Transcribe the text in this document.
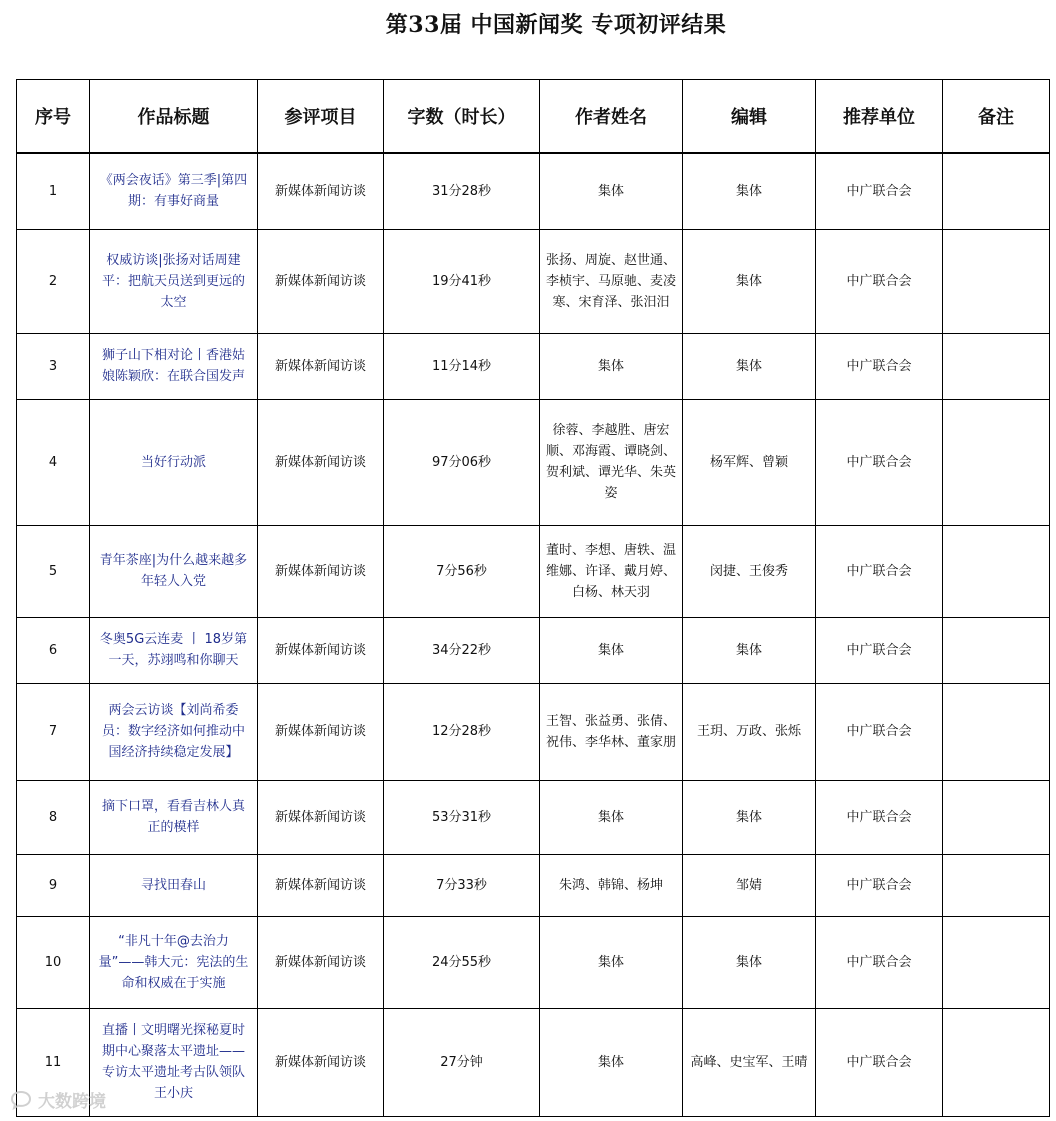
第33届 中国新闻奖 专项初评结果
序号	作品标题	参评项目	字数（时长）	作者姓名	编辑	推荐单位	备注
1	《两会夜话》第三季|第四期：有事好商量	新媒体新闻访谈	31分28秒	集体	集体	中广联合会	
2	权威访谈|张扬对话周建平：把航天员送到更远的太空	新媒体新闻访谈	19分41秒	张扬、周旋、赵世通、李桢宇、马原驰、麦凌寒、宋育泽、张汨汨	集体	中广联合会	
3	狮子山下相对论丨香港姑娘陈颖欣：在联合国发声	新媒体新闻访谈	11分14秒	集体	集体	中广联合会	
4	当好行动派	新媒体新闻访谈	97分06秒	徐蓉、李越胜、唐宏顺、邓海霞、谭晓剑、贺利斌、谭光华、朱英姿	杨军辉、曾颖	中广联合会	
5	青年茶座|为什么越来越多年轻人入党	新媒体新闻访谈	7分56秒	董时、李想、唐轶、温维娜、许译、戴月婷、白杨、林天羽	闵捷、王俊秀	中广联合会	
6	冬奥5G云连麦 丨 18岁第一天，苏翊鸣和你聊天	新媒体新闻访谈	34分22秒	集体	集体	中广联合会	
7	两会云访谈【刘尚希委员：数字经济如何推动中国经济持续稳定发展】	新媒体新闻访谈	12分28秒	王智、张益勇、张倩、祝伟、李华林、董家朋	王玥、万政、张烁	中广联合会	
8	摘下口罩，看看吉林人真正的模样	新媒体新闻访谈	53分31秒	集体	集体	中广联合会	
9	寻找田春山	新媒体新闻访谈	7分33秒	朱鸿、韩锦、杨坤	邹婧	中广联合会	
10	“非凡十年@去治力量”——韩大元：宪法的生命和权威在于实施	新媒体新闻访谈	24分55秒	集体	集体	中广联合会	
11	直播丨文明曙光探秘夏时期中心聚落太平遗址——专访太平遗址考古队领队王小庆	新媒体新闻访谈	27分钟	集体	高峰、史宝军、王晴	中广联合会	
大数跨境
